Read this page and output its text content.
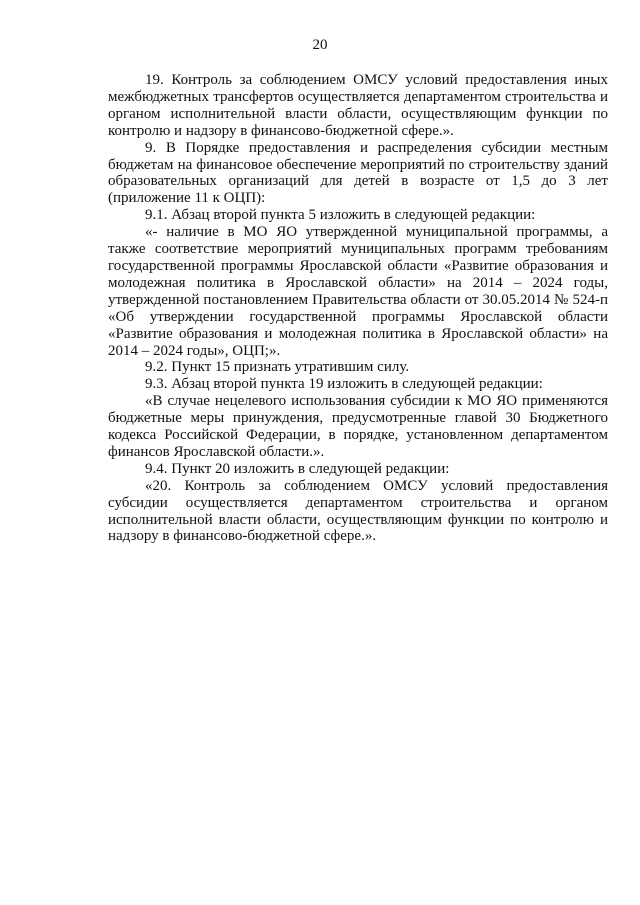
20

19. Контроль за соблюдением ОМСУ условий предоставления иных межбюджетных трансфертов осуществляется департаментом строительства и органом исполнительной власти области, осуществляющим функции по контролю и надзору в финансово-бюджетной сфере.».

9. В Порядке предоставления и распределения субсидии местным бюджетам на финансовое обеспечение мероприятий по строительству зданий образовательных организаций для детей в возрасте от 1,5 до 3 лет (приложение 11 к ОЦП):

9.1. Абзац второй пункта 5 изложить в следующей редакции:

«- наличие в МО ЯО утвержденной муниципальной программы, а также соответствие мероприятий муниципальных программ требованиям государственной программы Ярославской области «Развитие образования и молодежная политика в Ярославской области» на 2014 – 2024 годы, утвержденной постановлением Правительства области от 30.05.2014 № 524-п «Об утверждении государственной программы Ярославской области «Развитие образования и молодежная политика в Ярославской области» на 2014 – 2024 годы», ОЦП;».

9.2. Пункт 15 признать утратившим силу.

9.3. Абзац второй пункта 19 изложить в следующей редакции:

«В случае нецелевого использования субсидии к МО ЯО применяются бюджетные меры принуждения, предусмотренные главой 30 Бюджетного кодекса Российской Федерации, в порядке, установленном департаментом финансов Ярославской области.».

9.4. Пункт 20 изложить в следующей редакции:

«20. Контроль за соблюдением ОМСУ условий предоставления субсидии осуществляется департаментом строительства и органом исполнительной власти области, осуществляющим функции по контролю и надзору в финансово-бюджетной сфере.».
